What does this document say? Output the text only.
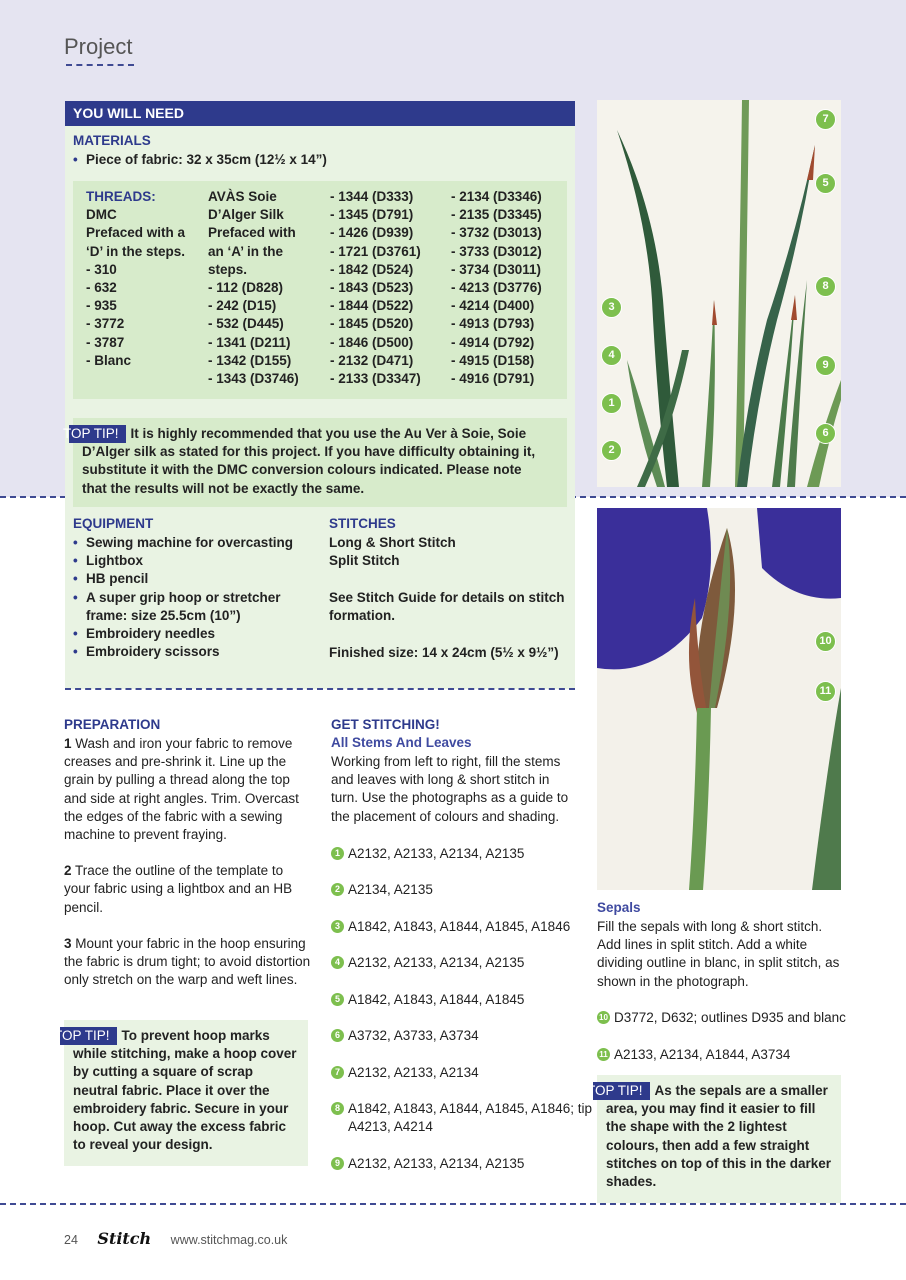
Project
YOU WILL NEED
MATERIALS
• Piece of fabric: 32 x 35cm (12½ x 14”)
THREADS:
DMC
Prefaced with a
‘D’ in the steps.
- 310
- 632
- 935
- 3772
- 3787
- Blanc
AVÀS Soie
D’Alger Silk
Prefaced with
an ‘A’ in the
steps.
- 112 (D828)
- 242 (D15)
- 532 (D445)
- 1341 (D211)
- 1342 (D155)
- 1343 (D3746)
- 1344 (D333)
- 1345 (D791)
- 1426 (D939)
- 1721 (D3761)
- 1842 (D524)
- 1843 (D523)
- 1844 (D522)
- 1845 (D520)
- 1846 (D500)
- 2132 (D471)
- 2133 (D3347)
- 2134 (D3346)
- 2135 (D3345)
- 3732 (D3013)
- 3733 (D3012)
- 3734 (D3011)
- 4213 (D3776)
- 4214 (D400)
- 4913 (D793)
- 4914 (D792)
- 4915 (D158)
- 4916 (D791)
TOP TIP! It is highly recommended that you use the Au Ver à Soie, Soie D’Alger silk as stated for this project. If you have difficulty obtaining it, substitute it with the DMC conversion colours indicated. Please note that the results will not be exactly the same.
EQUIPMENT
• Sewing machine for overcasting
• Lightbox
• HB pencil
• A super grip hoop or stretcher frame: size 25.5cm (10”)
• Embroidery needles
• Embroidery scissors
STITCHES
Long & Short Stitch
Split Stitch
See Stitch Guide for details on stitch formation.
Finished size: 14 x 24cm (5½ x 9½”)
7
5
3
8
4
9
1
6
2
10
11
PREPARATION

1 Wash and iron your fabric to remove creases and pre-shrink it. Line up the grain by pulling a thread along the top and side at right angles. Trim. Overcast the edges of the fabric with a sewing machine to prevent fraying.

2 Trace the outline of the template to your fabric using a lightbox and an HB pencil.

3 Mount your fabric in the hoop ensuring the fabric is drum tight; to avoid distortion only stretch on the warp and weft lines.

TOP TIP! To prevent hoop marks while stitching, make a hoop cover by cutting a square of scrap neutral fabric. Place it over the embroidery fabric. Secure in your hoop. Cut away the excess fabric to reveal your design.
GET STITCHING!
All Stems And Leaves
Working from left to right, fill the stems and leaves with long & short stitch in turn. Use the photographs as a guide to the placement of colours and shading.
1 A2132, A2133, A2134, A2135
2 A2134, A2135
3 A1842, A1843, A1844, A1845, A1846
4 A2132, A2133, A2134, A2135
5 A1842, A1843, A1844, A1845
6 A3732, A3733, A3734
7 A2132, A2133, A2134
8 A1842, A1843, A1844, A1845, A1846; tip A4213, A4214
9 A2132, A2133, A2134, A2135
Sepals
Fill the sepals with long & short stitch. Add lines in split stitch. Add a white dividing outline in blanc, in split stitch, as shown in the photograph.
10 D3772, D632; outlines D935 and blanc
11 A2133, A2134, A1844, A3734
TOP TIP! As the sepals are a smaller area, you may find it easier to fill the shape with the 2 lightest colours, then add a few straight stitches on top of this in the darker shades.
24 Stitch www.stitchmag.co.uk
